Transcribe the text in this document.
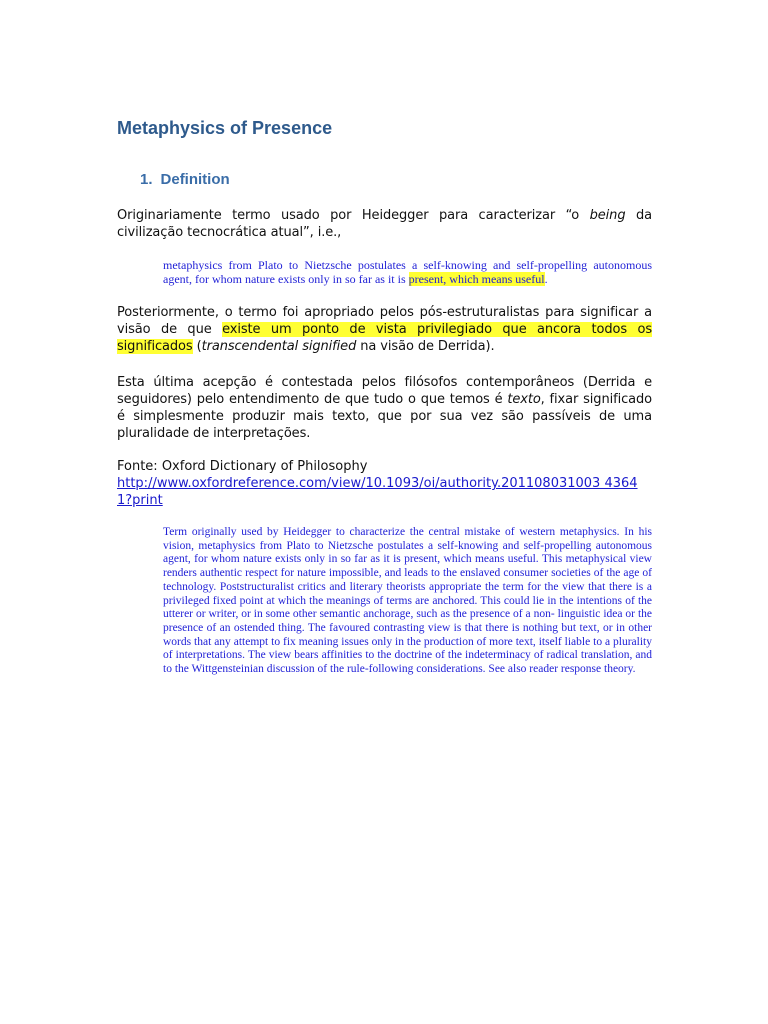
Metaphysics of Presence
1. Definition

Originariamente termo usado por Heidegger para caracterizar “o being da civilização tecnocrática atual”, i.e.,

metaphysics from Plato to Nietzsche postulates a self-knowing and self-propelling autonomous agent, for whom nature exists only in so far as it is present, which means useful.

Posteriormente, o termo foi apropriado pelos pós-estruturalistas para significar a visão de que existe um ponto de vista privilegiado que ancora todos os significados (transcendental signified na visão de Derrida).

Esta última acepção é contestada pelos filósofos contemporâneos (Derrida e seguidores) pelo entendimento de que tudo o que temos é texto, fixar significado é simplesmente produzir mais texto, que por sua vez são passíveis de uma pluralidade de interpretações.

Fonte: Oxford Dictionary of Philosophy

http://www.oxfordreference.com/view/10.1093/oi/authority.201108031003 43641?print

Term originally used by Heidegger to characterize the central mistake of western metaphysics. In his vision, metaphysics from Plato to Nietzsche postulates a self-knowing and self-propelling autonomous agent, for whom nature exists only in so far as it is present, which means useful. This metaphysical view renders authentic respect for nature impossible, and leads to the enslaved consumer societies of the age of technology. Poststructuralist critics and literary theorists appropriate the term for the view that there is a privileged fixed point at which the meanings of terms are anchored. This could lie in the intentions of the utterer or writer, or in some other semantic anchorage, such as the presence of a non- linguistic idea or the presence of an ostended thing. The favoured contrasting view is that there is nothing but text, or in other words that any attempt to fix meaning issues only in the production of more text, itself liable to a plurality of interpretations. The view bears affinities to the doctrine of the indeterminacy of radical translation, and to the Wittgensteinian discussion of the rule-following considerations. See also reader response theory.
